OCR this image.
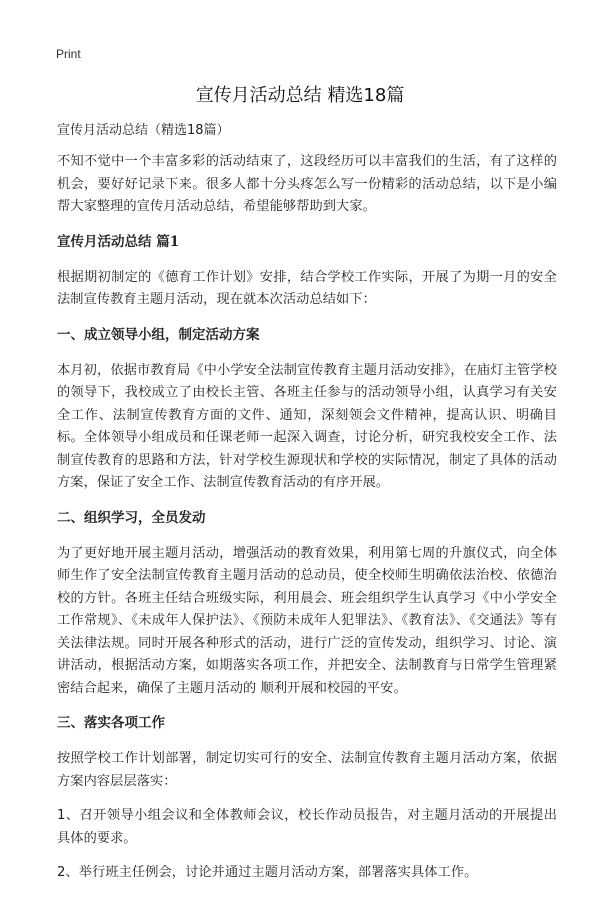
Print
宣传月活动总结 精选18篇
宣传月活动总结（精选18篇）

不知不觉中一个丰富多彩的活动结束了，这段经历可以丰富我们的生活，有了这样的机会，要好好记录下来。很多人都十分头疼怎么写一份精彩的活动总结，以下是小编帮大家整理的宣传月活动总结，希望能够帮助到大家。

宣传月活动总结 篇1

根据期初制定的《德育工作计划》安排，结合学校工作实际，开展了为期一月的安全法制宣传教育主题月活动，现在就本次活动总结如下：

一、成立领导小组，制定活动方案

本月初，依据市教育局《中小学安全法制宣传教育主题月活动安排》，在庙灯主管学校的领导下，我校成立了由校长主管、各班主任参与的活动领导小组，认真学习有关安全工作、法制宣传教育方面的文件、通知，深刻领会文件精神，提高认识、明确目标。全体领导小组成员和任课老师一起深入调查，讨论分析，研究我校安全工作、法制宣传教育的思路和方法，针对学校生源现状和学校的实际情况，制定了具体的活动方案，保证了安全工作、法制宣传教育活动的有序开展。

二、组织学习，全员发动

为了更好地开展主题月活动，增强活动的教育效果，利用第七周的升旗仪式，向全体师生作了安全法制宣传教育主题月活动的总动员，使全校师生明确依法治校、依德治校的方针。各班主任结合班级实际，利用晨会、班会组织学生认真学习《中小学安全工作常规》、《未成年人保护法》、《预防未成年人犯罪法》、《教育法》、《交通法》等有关法律法规。同时开展各种形式的活动，进行广泛的宣传发动，组织学习、讨论、演讲活动，根据活动方案，如期落实各项工作，并把安全、法制教育与日常学生管理紧密结合起来，确保了主题月活动的 顺利开展和校园的平安。

三、落实各项工作

按照学校工作计划部署，制定切实可行的安全、法制宣传教育主题月活动方案，依据方案内容层层落实：

1、召开领导小组会议和全体教师会议，校长作动员报告，对主题月活动的开展提出具体的要求。

2、举行班主任例会，讨论并通过主题月活动方案，部署落实具体工作。
